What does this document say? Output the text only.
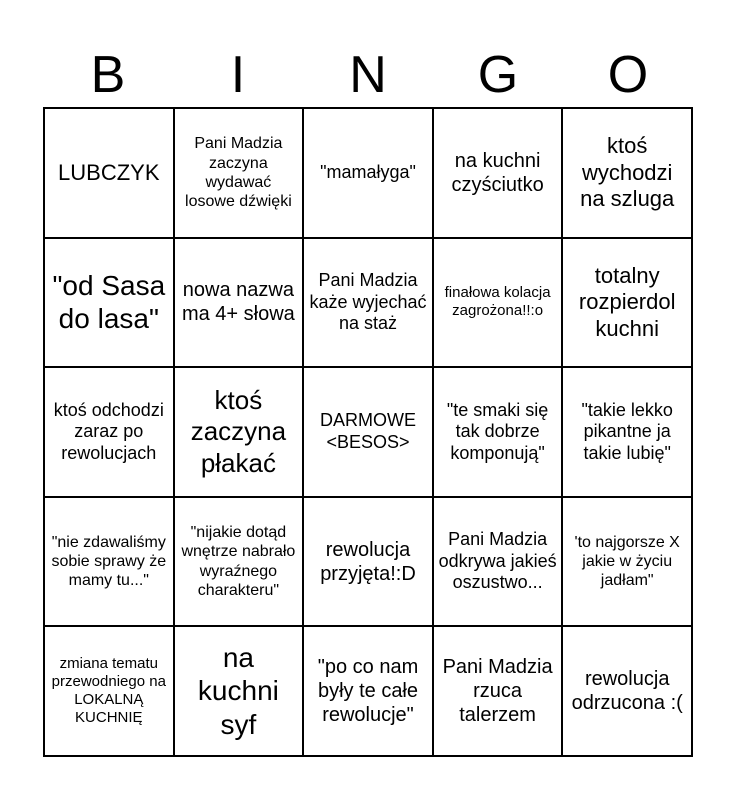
B	I	N	G	O
LUBCZYK
Pani Madzia zaczyna wydawać losowe dźwięki
"mamałyga"
na kuchni czyściutko
ktoś wychodzi na szluga
"od Sasa do lasa"
nowa nazwa ma 4+ słowa
Pani Madzia każe wyjechać na staż
finałowa kolacja zagrożona!!:o
totalny rozpierdol kuchni
ktoś odchodzi zaraz po rewolucjach
ktoś zaczyna płakać
DARMOWE <BESOS>
"te smaki się tak dobrze komponują"
"takie lekko pikantne ja takie lubię"
"nie zdawaliśmy sobie sprawy że mamy tu..."
"nijakie dotąd wnętrze nabrało wyraźnego charakteru"
rewolucja przyjęta!:D
Pani Madzia odkrywa jakieś oszustwo...
'to najgorsze X jakie w życiu jadłam"
zmiana tematu przewodniego na LOKALNĄ KUCHNIĘ
na kuchni syf
"po co nam były te całe rewolucje"
Pani Madzia rzuca talerzem
rewolucja odrzucona :(
